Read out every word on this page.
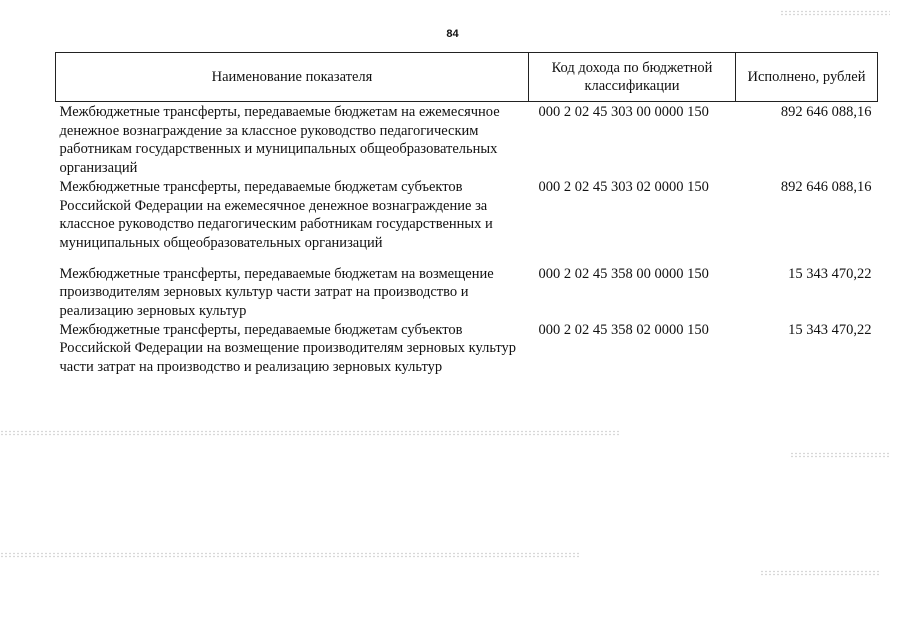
84
Наименование показателя	Код дохода по бюджетной классификации	Исполнено, рублей
Межбюджетные трансферты, передаваемые бюджетам на ежемесячное денежное вознаграждение за классное руководство педагогическим работникам государственных и муниципальных общеобразовательных организаций	000 2 02 45 303 00 0000 150	892 646 088,16
Межбюджетные трансферты, передаваемые бюджетам субъектов Российской Федерации на ежемесячное денежное вознаграждение за классное руководство педагогическим работникам государственных и муниципальных общеобразовательных организаций	000 2 02 45 303 02 0000 150	892 646 088,16
Межбюджетные трансферты, передаваемые бюджетам на возмещение производителям зерновых культур части затрат на производство и реализацию зерновых культур	000 2 02 45 358 00 0000 150	15 343 470,22
Межбюджетные трансферты, передаваемые бюджетам субъектов Российской Федерации на возмещение производителям зерновых культур части затрат на производство и реализацию зерновых культур	000 2 02 45 358 02 0000 150	15 343 470,22
